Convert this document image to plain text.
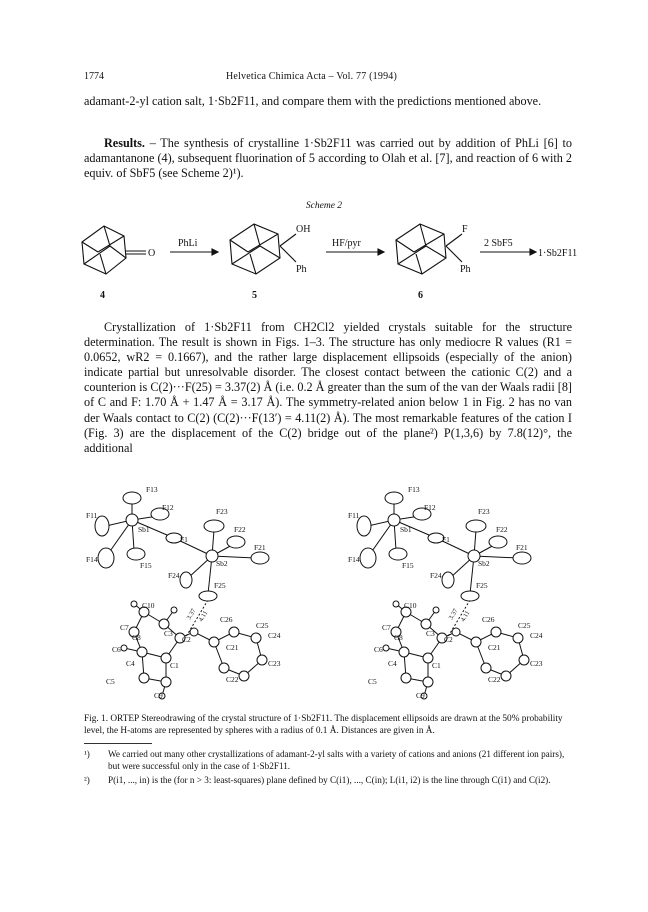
1774	Helvetica Chimica Acta – Vol. 77 (1994)

adamant-2-yl cation salt, 1·Sb2F11, and compare them with the predictions mentioned above.

Results. – The synthesis of crystalline 1·Sb2F11 was carried out by addition of PhLi [6] to adamantanone (4), subsequent fluorination of 5 according to Olah et al. [7], and reaction of 6 with 2 equiv. of SbF5 (see Scheme 2)¹).

Scheme 2
O
PhLi
OH
Ph
HF/pyr
F
Ph
2 SbF5
1·Sb2F11
4	5	6

Crystallization of 1·Sb2F11 from CH2Cl2 yielded crystals suitable for the structure determination. The result is shown in Figs. 1–3. The structure has only mediocre R values (R1 = 0.0652, wR2 = 0.1667), and the rather large displacement ellipsoids (especially of the anion) indicate partial but unresolvable disorder. The closest contact between the cationic C(2) and a counterion is C(2)···F(25) = 3.37(2) Å (i.e. 0.2 Å greater than the sum of the van der Waals radii [8] of C and F: 1.70 Å + 1.47 Å = 3.17 Å). The symmetry-related anion below 1 in Fig. 2 has no van der Waals contact to C(2) (C(2)···F(13′) = 4.11(2) Å). The most remarkable features of the cation I (Fig. 3) are the displacement of the C(2) bridge out of the plane²) P(1,3,6) by 7.8(12)°, the additional

F13
F11
F12	F23
F22
F1
Sb1
F21
F14
F15	Sb2
F24
F25
C10
C26
C25
C24
C7
C3
C8	C2
C21
C6
C4	C1	C23
C5	C22
C9
3.37 4.11
F13
F11
F12	F23
F22
F1
Sb1
F21
F14
F15	Sb2
F24
F25
C10
C26
C25
C24
C7
C3
C8	C2
C21
C6
C4	C1	C23
C5	C22
C9
3.37 4.11
Fig. 1. ORTEP Stereodrawing of the crystal structure of 1·Sb2F11. The displacement ellipsoids are drawn at the 50% probability level, the H-atoms are represented by spheres with a radius of 0.1 Å. Distances are given in Å.
¹) We carried out many other crystallizations of adamant-2-yl salts with a variety of cations and anions (21 different ion pairs), but were successful only in the case of 1·Sb2F11.
²) P(i1, ..., in) is the (for n > 3: least-squares) plane defined by C(i1), ..., C(in); L(i1, i2) is the line through C(i1) and C(i2).
